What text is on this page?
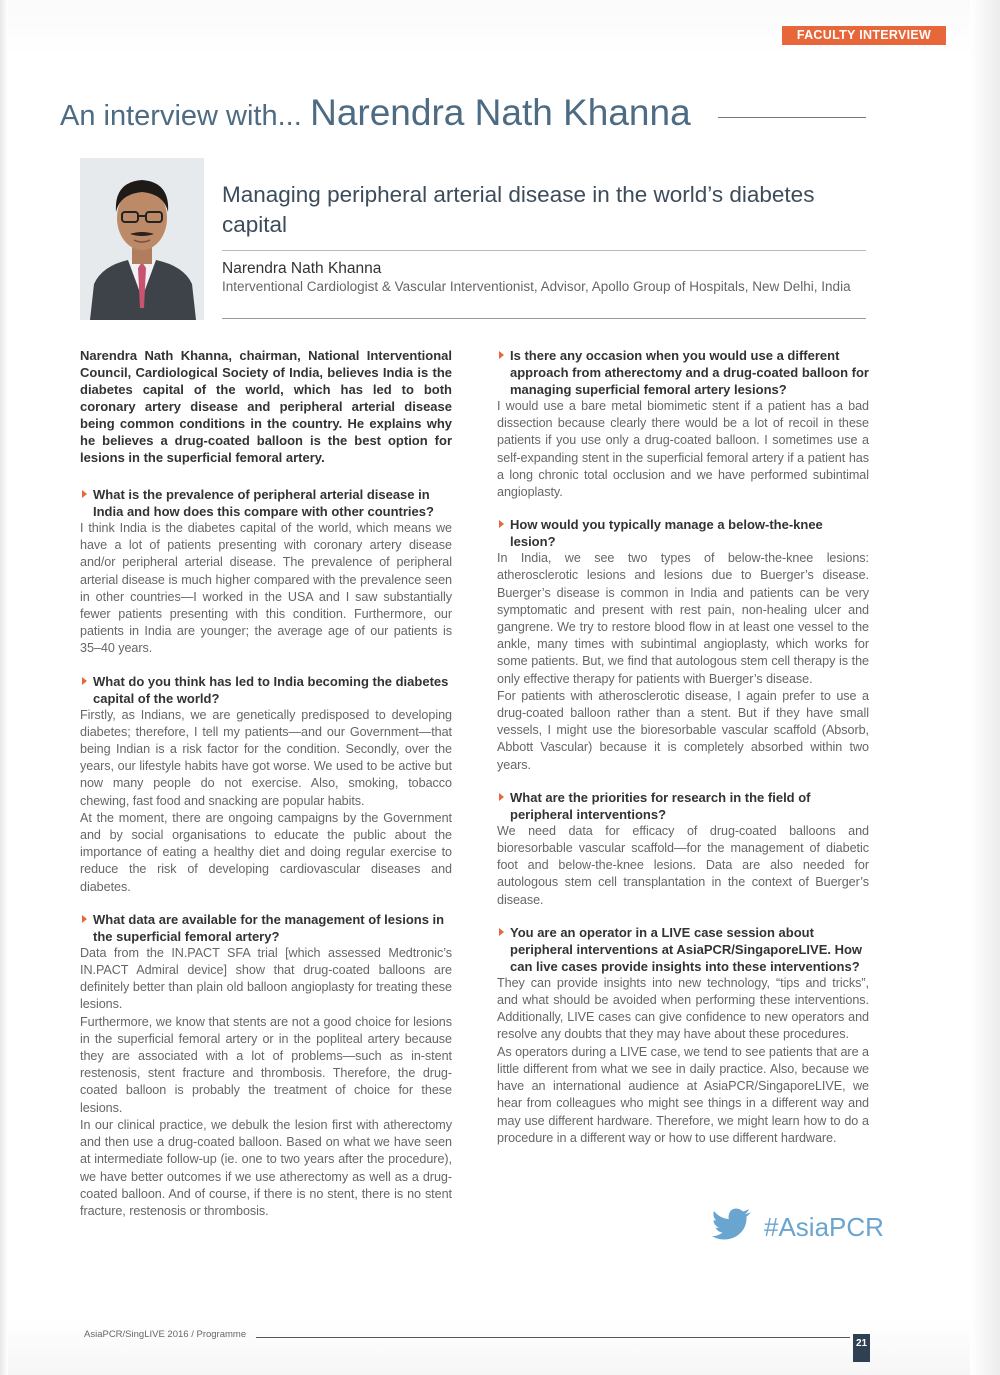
FACULTY INTERVIEW
An interview with... Narendra Nath Khanna
Managing peripheral arterial disease in the world’s diabetes capital
Narendra Nath Khanna
Interventional Cardiologist & Vascular Interventionist, Advisor, Apollo Group of Hospitals, New Delhi, India

Narendra Nath Khanna, chairman, National Interventional Council, Cardiological Society of India, believes India is the diabetes capital of the world, which has led to both coronary artery disease and peripheral arterial disease being common conditions in the country. He explains why he believes a drug-coated balloon is the best option for lesions in the superficial femoral artery.

What is the prevalence of peripheral arterial disease in India and how does this compare with other countries?

I think India is the diabetes capital of the world, which means we have a lot of patients presenting with coronary artery disease and/or peripheral arterial disease. The prevalence of peripheral arterial disease is much higher compared with the prevalence seen in other countries—I worked in the USA and I saw substantially fewer patients presenting with this condition. Furthermore, our patients in India are younger; the average age of our patients is 35–40 years.

What do you think has led to India becoming the diabetes capital of the world?

Firstly, as Indians, we are genetically predisposed to developing diabetes; therefore, I tell my patients—and our Government—that being Indian is a risk factor for the condition. Secondly, over the years, our lifestyle habits have got worse. We used to be active but now many people do not exercise. Also, smoking, tobacco chewing, fast food and snacking are popular habits.

At the moment, there are ongoing campaigns by the Government and by social organisations to educate the public about the importance of eating a healthy diet and doing regular exercise to reduce the risk of developing cardiovascular diseases and diabetes.

What data are available for the management of lesions in the superficial femoral artery?

Data from the IN.PACT SFA trial [which assessed Medtronic’s IN.PACT Admiral device] show that drug-coated balloons are definitely better than plain old balloon angioplasty for treating these lesions.

Furthermore, we know that stents are not a good choice for lesions in the superficial femoral artery or in the popliteal artery because they are associated with a lot of problems—such as in-stent restenosis, stent fracture and thrombosis. Therefore, the drug-coated balloon is probably the treatment of choice for these lesions.

In our clinical practice, we debulk the lesion first with atherectomy and then use a drug-coated balloon. Based on what we have seen at intermediate follow-up (ie. one to two years after the procedure), we have better outcomes if we use atherectomy as well as a drug-coated balloon. And of course, if there is no stent, there is no stent fracture, restenosis or thrombosis.

Is there any occasion when you would use a different approach from atherectomy and a drug-coated balloon for managing superficial femoral artery lesions?

I would use a bare metal biomimetic stent if a patient has a bad dissection because clearly there would be a lot of recoil in these patients if you use only a drug-coated balloon. I sometimes use a self-expanding stent in the superficial femoral artery if a patient has a long chronic total occlusion and we have performed subintimal angioplasty.

How would you typically manage a below-the-knee lesion?

In India, we see two types of below-the-knee lesions: atherosclerotic lesions and lesions due to Buerger’s disease. Buerger’s disease is common in India and patients can be very symptomatic and present with rest pain, non-healing ulcer and gangrene. We try to restore blood flow in at least one vessel to the ankle, many times with subintimal angioplasty, which works for some patients. But, we find that autologous stem cell therapy is the only effective therapy for patients with Buerger’s disease.

For patients with atherosclerotic disease, I again prefer to use a drug-coated balloon rather than a stent. But if they have small vessels, I might use the bioresorbable vascular scaffold (Absorb, Abbott Vascular) because it is completely absorbed within two years.

What are the priorities for research in the field of peripheral interventions?

We need data for efficacy of drug-coated balloons and bioresorbable vascular scaffold—for the management of diabetic foot and below-the-knee lesions. Data are also needed for autologous stem cell transplantation in the context of Buerger’s disease.

You are an operator in a LIVE case session about peripheral interventions at AsiaPCR/SingaporeLIVE. How can live cases provide insights into these interventions?

They can provide insights into new technology, “tips and tricks”, and what should be avoided when performing these interventions. Additionally, LIVE cases can give confidence to new operators and resolve any doubts that they may have about these procedures.

As operators during a LIVE case, we tend to see patients that are a little different from what we see in daily practice. Also, because we have an international audience at AsiaPCR/SingaporeLIVE, we hear from colleagues who might see things in a different way and may use different hardware. Therefore, we might learn how to do a procedure in a different way or how to use different hardware.

#AsiaPCR
AsiaPCR/SingLIVE 2016 / Programme
21
